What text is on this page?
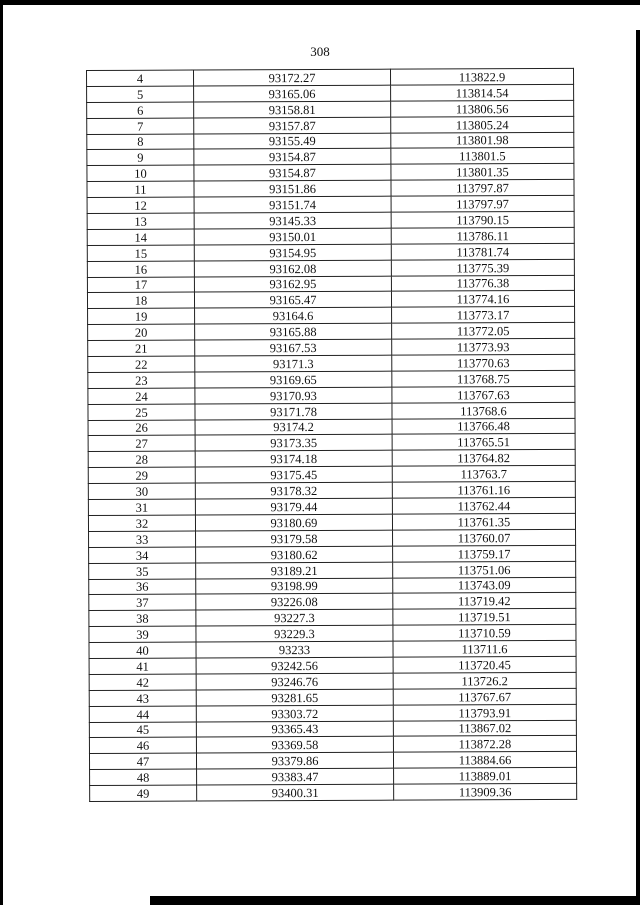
308
4	93172.27	113822.9
5	93165.06	113814.54
6	93158.81	113806.56
7	93157.87	113805.24
8	93155.49	113801.98
9	93154.87	113801.5
10	93154.87	113801.35
11	93151.86	113797.87
12	93151.74	113797.97
13	93145.33	113790.15
14	93150.01	113786.11
15	93154.95	113781.74
16	93162.08	113775.39
17	93162.95	113776.38
18	93165.47	113774.16
19	93164.6	113773.17
20	93165.88	113772.05
21	93167.53	113773.93
22	93171.3	113770.63
23	93169.65	113768.75
24	93170.93	113767.63
25	93171.78	113768.6
26	93174.2	113766.48
27	93173.35	113765.51
28	93174.18	113764.82
29	93175.45	113763.7
30	93178.32	113761.16
31	93179.44	113762.44
32	93180.69	113761.35
33	93179.58	113760.07
34	93180.62	113759.17
35	93189.21	113751.06
36	93198.99	113743.09
37	93226.08	113719.42
38	93227.3	113719.51
39	93229.3	113710.59
40	93233	113711.6
41	93242.56	113720.45
42	93246.76	113726.2
43	93281.65	113767.67
44	93303.72	113793.91
45	93365.43	113867.02
46	93369.58	113872.28
47	93379.86	113884.66
48	93383.47	113889.01
49	93400.31	113909.36
